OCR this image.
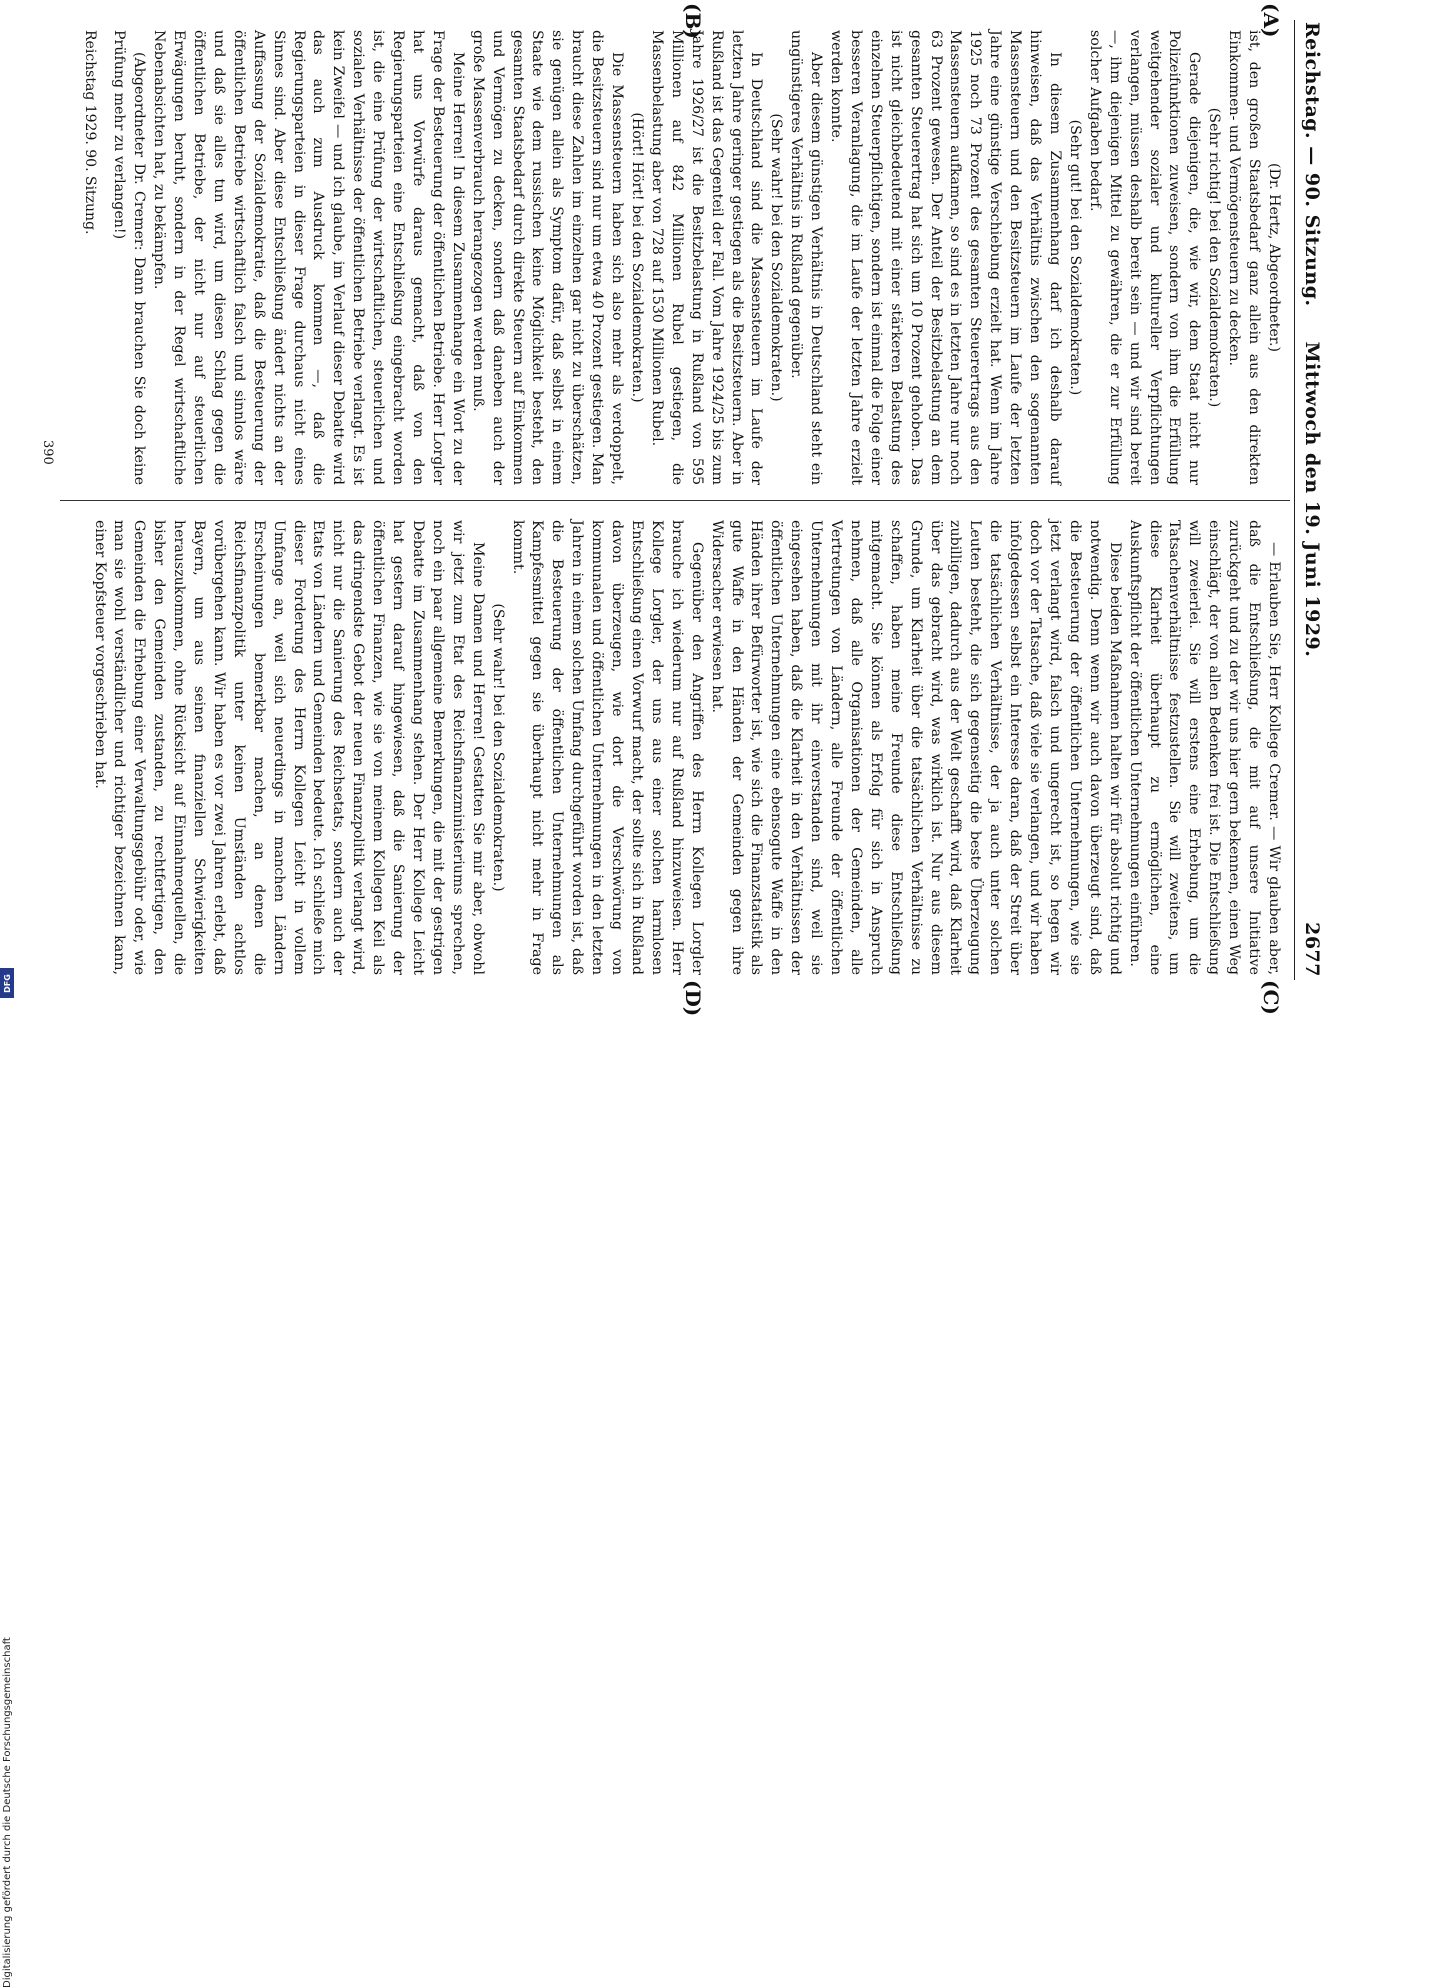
Reichstag. — 90. Sitzung.
Mittwoch den 19. Juni 1929.
2677
(A)
(B)
(C)
(D)

(Dr. Hertz, Abgeordneter.)

ist, den großen Staatsbedarf ganz allein aus den direkten Einkommen- und Vermögensteuern zu decken.

(Sehr richtig! bei den Sozialdemokraten.)

Gerade diejenigen, die, wie wir, dem Staat nicht nur Polizeifunktionen zuweisen, sondern von ihm die Erfüllung weitgehender sozialer und kultureller Verpflichtungen verlangen, müssen deshalb bereit sein — und wir sind bereit —, ihm diejenigen Mittel zu gewähren, die er zur Erfüllung solcher Aufgaben bedarf.

(Sehr gut! bei den Sozialdemokraten.)

In diesem Zusammenhang darf ich deshalb darauf hinweisen, daß das Verhältnis zwischen den sogenannten Massensteuern und den Besitzsteuern im Laufe der letzten Jahre eine günstige Verschiebung erzielt hat. Wenn im Jahre 1925 noch 73 Prozent des gesamten Steuerertrags aus den Massensteuern aufkamen, so sind es in letzten Jahre nur noch 63 Prozent gewesen. Der Anteil der Besitzbelastung an dem gesamten Steuerertrag hat sich um 10 Prozent gehoben. Das ist nicht gleichbedeutend mit einer stärkeren Belastung des einzelnen Steuerpflichtigen, sondern ist einmal die Folge einer besseren Veranlagung, die im Laufe der letzten Jahre erzielt werden konnte.

Aber diesem günstigen Verhältnis in Deutschland steht ein ungünstigeres Verhältnis in Rußland gegenüber.

(Sehr wahr! bei den Sozialdemokraten.)

In Deutschland sind die Massensteuern im Laufe der letzten Jahre geringer gestiegen als die Besitzsteuern. Aber in Rußland ist das Gegenteil der Fall. Vom Jahre 1924/25 bis zum Jahre 1926/27 ist die Besitzbelastung in Rußland von 595 Millionen auf 842 Millionen Rubel gestiegen, die Massenbelastung aber von 728 auf 1530 Millionen Rubel.

(Hört! Hört! bei den Sozialdemokraten.)

Die Massensteuern haben sich also mehr als verdoppelt, die Besitzsteuern sind nur um etwa 40 Prozent gestiegen. Man braucht diese Zahlen im einzelnen gar nicht zu überschätzen, sie genügen allein als Symptom dafür, daß selbst in einem Staate wie dem russischen keine Möglichkeit besteht, den gesamten Staatsbedarf durch direkte Steuern auf Einkommen und Vermögen zu decken, sondern daß daneben auch der große Massenverbrauch herangezogen werden muß.

Meine Herren! In diesem Zusammenhange ein Wort zu der Frage der Besteuerung der öffentlichen Betriebe. Herr Lorgler hat uns Vorwürfe daraus gemacht, daß von den Regierungsparteien eine Entschließung eingebracht worden ist, die eine Prüfung der wirtschaftlichen, steuerlichen und sozialen Verhältnisse der öffentlichen Betriebe verlangt. Es ist kein Zweifel — und ich glaube, im Verlauf dieser Debatte wird das auch zum Ausdruck kommen —, daß die Regierungsparteien in dieser Frage durchaus nicht eines Sinnes sind. Aber diese Entschließung ändert nichts an der Auffassung der Sozialdemokratie, daß die Besteuerung der öffentlichen Betriebe wirtschaftlich falsch und sinnlos wäre und daß sie alles tun wird, um diesen Schlag gegen die öffentlichen Betriebe, der nicht nur auf steuerlichen Erwägungen beruht, sondern in der Regel wirtschaftliche Nebenabsichten hat, zu bekämpfen.

(Abgeordneter Dr. Cremer: Dann brauchen Sie doch keine Prüfung mehr zu verlangen!)

— Erlauben Sie, Herr Kollege Cremer. — Wir glauben aber, daß die Entschließung, die mit auf unsere Initiative zurückgeht und zu der wir uns hier gern bekennen, einen Weg einschlägt, der von allen Bedenken frei ist. Die Entschließung will zweierlei. Sie will erstens eine Erhebung, um die Tatsachenverhältnisse festzustellen. Sie will zweitens, um diese Klarheit überhaupt zu ermöglichen, eine Auskunftspflicht der öffentlichen Unternehmungen einführen.

Diese beiden Maßnahmen halten wir für absolut richtig und notwendig. Denn wenn wir auch davon überzeugt sind, daß die Besteuerung der öffentlichen Unternehmungen, wie sie jetzt verlangt wird, falsch und ungerecht ist, so hegen wir doch vor der Tatsache, daß viele sie verlangen, und wir haben infolgedessen selbst ein Interesse daran, daß der Streit über die tatsächlichen Verhältnisse, der ja auch unter solchen Leuten besteht, die sich gegenseitig die beste Überzeugung zubilligen, dadurch aus der Welt geschafft wird, daß Klarheit über das gebracht wird, was wirklich ist. Nur aus diesem Grunde, um Klarheit über die tatsächlichen Verhältnisse zu schaffen, haben meine Freunde diese Entschließung mitgemacht. Sie können als Erfolg für sich in Anspruch nehmen, daß alle Organisationen der Gemeinden, alle Vertretungen von Ländern, alle Freunde der öffentlichen Unternehmungen mit ihr einverstanden sind, weil sie eingesehen haben, daß die Klarheit in den Verhältnissen der öffentlichen Unternehmungen eine ebensogute Waffe in den Händen ihrer Befürworter ist, wie sich die Finanzstatistik als gute Waffe in den Händen der Gemeinden gegen ihre Widersacher erwiesen hat.

Gegenüber den Angriffen des Herrn Kollegen Lorgler brauche ich wiederum nur auf Rußland hinzuweisen. Herr Kollege Lorgler, der uns aus einer solchen harmlosen Entschließung einen Vorwurf macht, der sollte sich in Rußland davon überzeugen, wie dort die Verschwörung von kommunalen und öffentlichen Unternehmungen in den letzten Jahren in einem solchen Umfang durchgeführt worden ist, daß die Besteuerung der öffentlichen Unternehmungen als Kampfesmittel gegen sie überhaupt nicht mehr in Frage kommt.

(Sehr wahr! bei den Sozialdemokraten.)

Meine Damen und Herren! Gestatten Sie mir aber, obwohl wir jetzt zum Etat des Reichsfinanzministeriums sprechen, noch ein paar allgemeine Bemerkungen, die mit der gestrigen Debatte im Zusammenhang stehen. Der Herr Kollege Leicht hat gestern darauf hingewiesen, daß die Sanierung der öffentlichen Finanzen, wie sie von meinem Kollegen Keil als das dringendste Gebot der neuen Finanzpolitik verlangt wird, nicht nur die Sanierung des Reichsetats, sondern auch der Etats von Ländern und Gemeinden bedeute. Ich schließe mich dieser Forderung des Herrn Kollegen Leicht in vollem Umfange an, weil sich neuerdings in manchen Ländern Erscheinungen bemerkbar machen, an denen die Reichsfinanzpolitik unter keinen Umständen achtlos vorübergehen kann. Wir haben es vor zwei Jahren erlebt, daß Bayern, um aus seinen finanziellen Schwierigkeiten herauszukommen, ohne Rücksicht auf Einnahmequellen, die bisher den Gemeinden zustanden, zu rechtfertigen, den Gemeinden die Erhebung einer Verwaltungsgebühr oder, wie man sie wohl verständlicher und richtiger bezeichnen kann, einer Kopfsteuer vorgeschrieben hat.

Reichstag 1929. 90. Sitzung.
390
Digitalisierung gefördert durch die Deutsche Forschungsgemeinschaft
DFG
